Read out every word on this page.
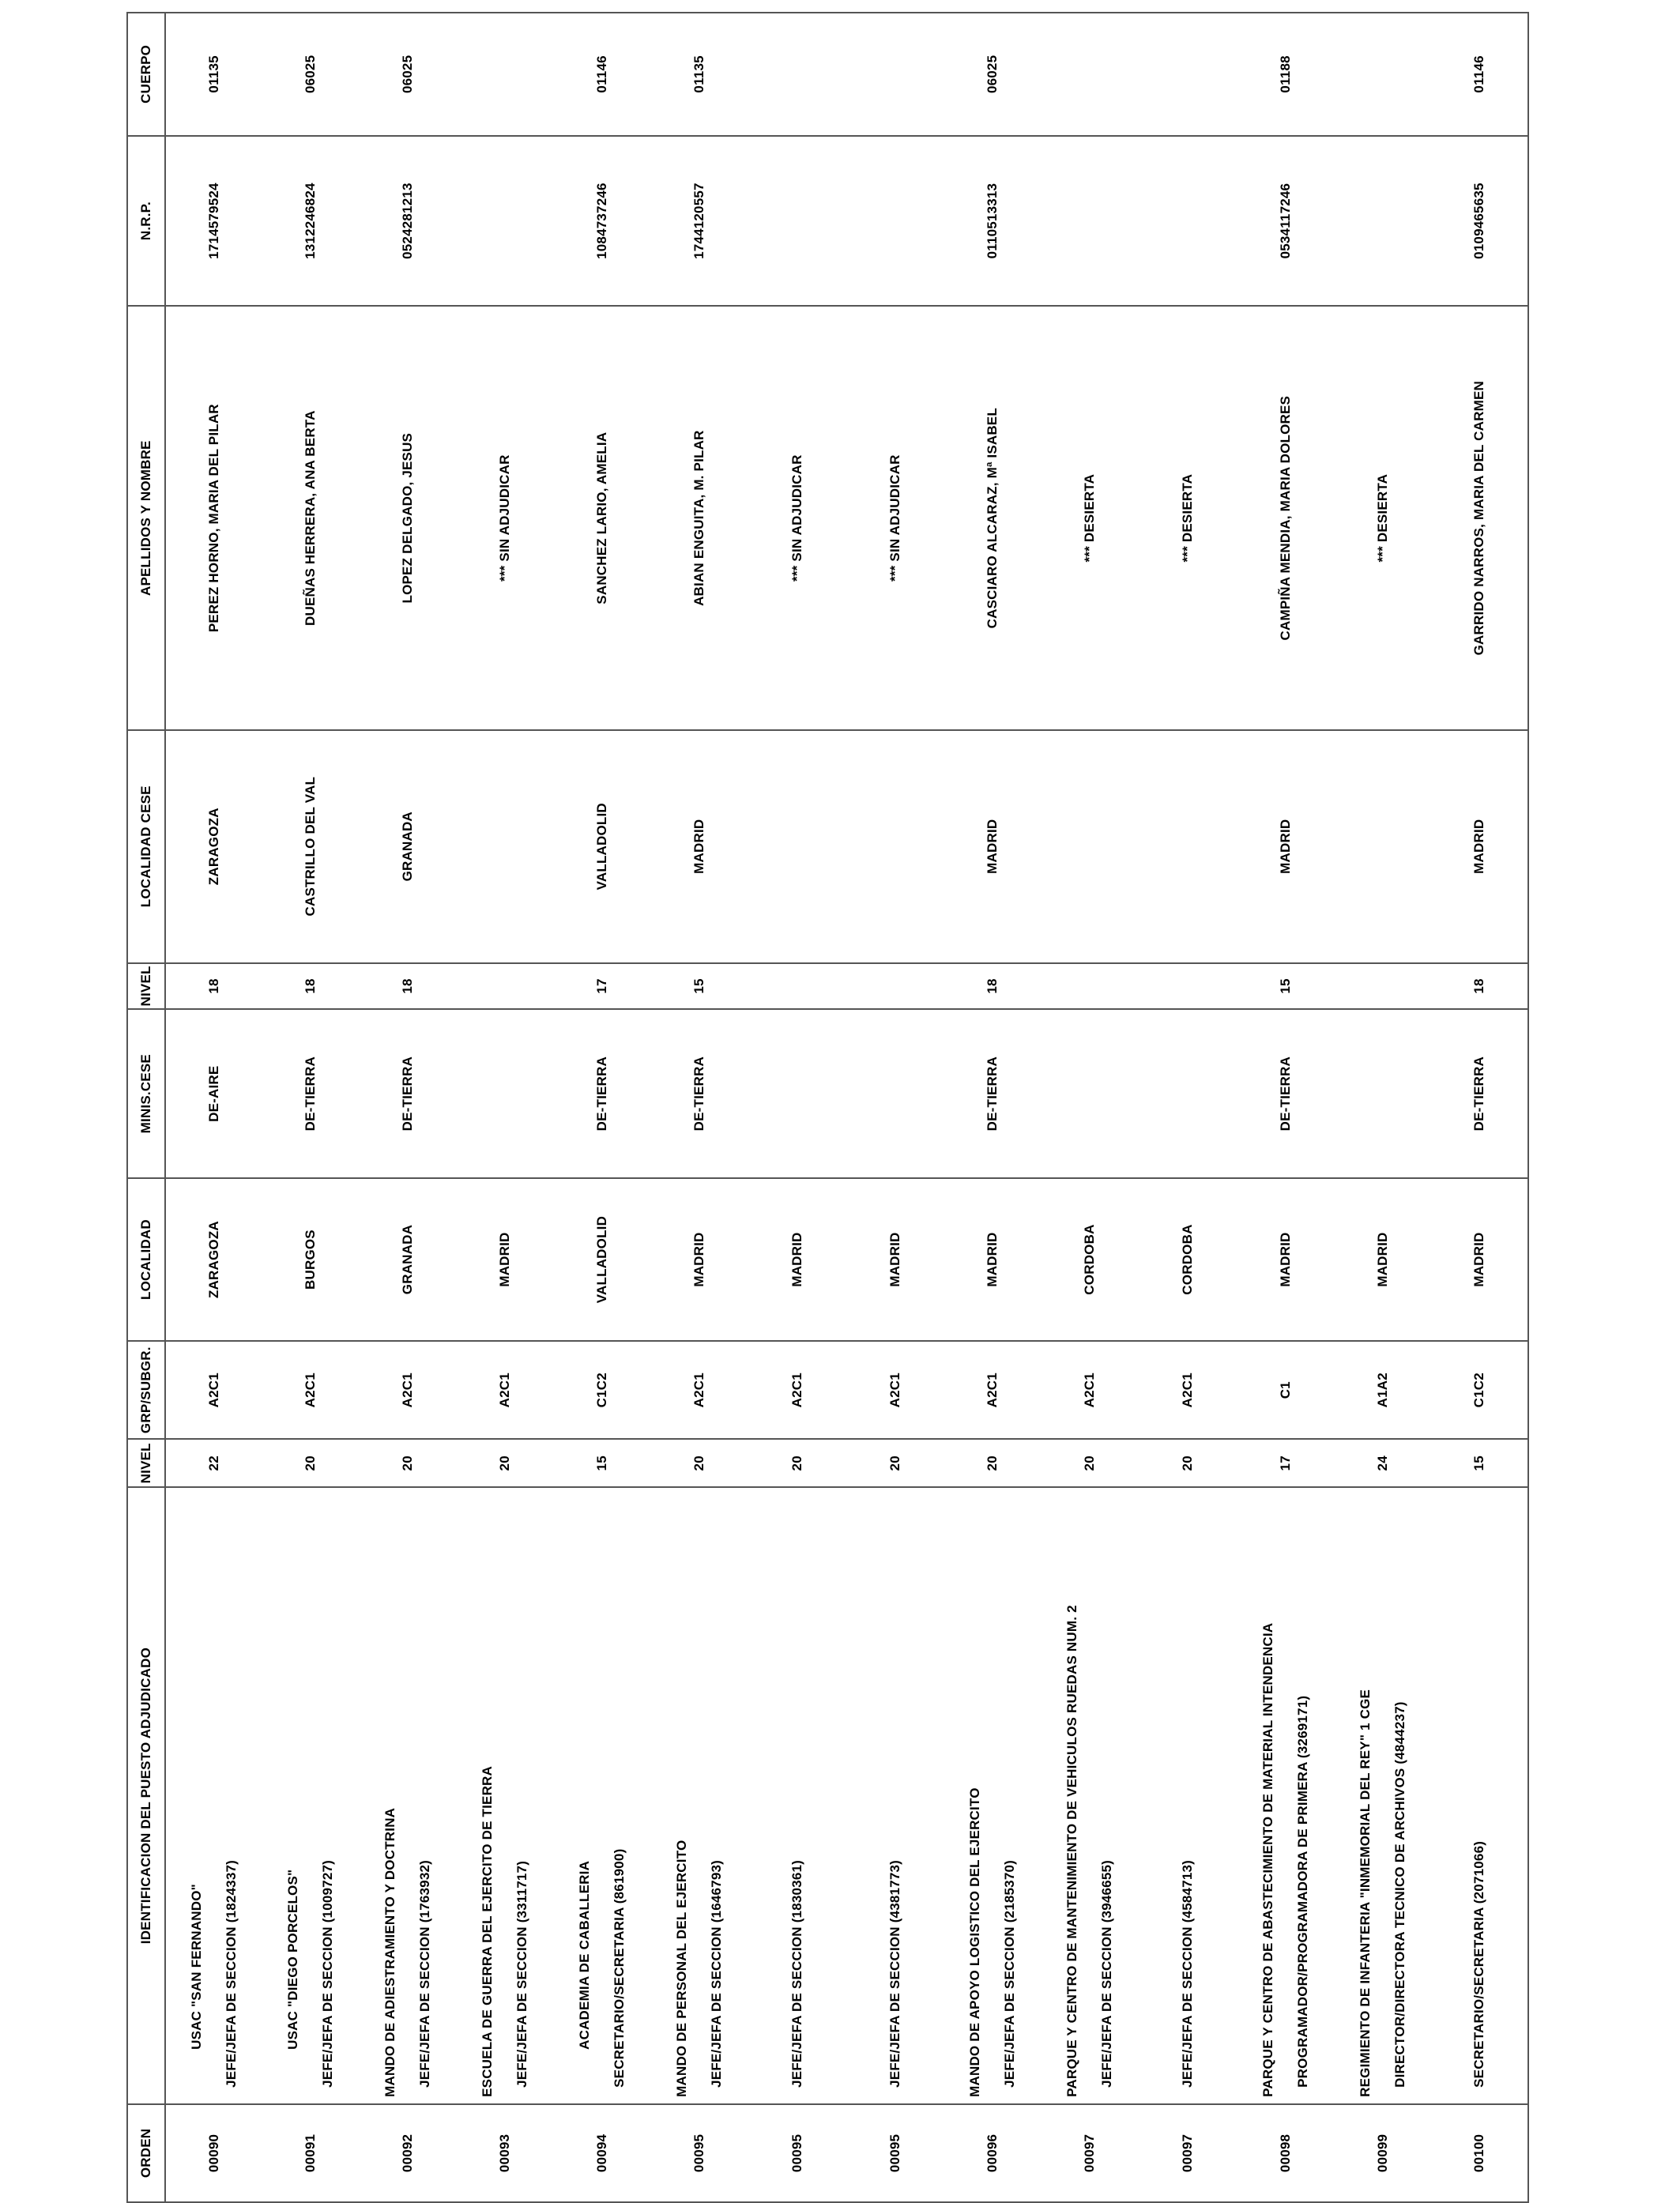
ORDEN	IDENTIFICACION DEL PUESTO ADJUDICADO	NIVEL	GRP/SUBGR.	LOCALIDAD	MINIS.CESE	NIVEL	LOCALIDAD CESE	APELLIDOS Y NOMBRE	N.R.P.	CUERPO
00090	USAC "SAN FERNANDO" JEFE/JEFA DE SECCION (1824337)	22	A2C1	ZARAGOZA	DE-AIRE	18	ZARAGOZA	PEREZ HORNO, MARIA DEL PILAR	1714579524	01135
00091	USAC "DIEGO PORCELOS" JEFE/JEFA DE SECCION (1009727)	20	A2C1	BURGOS	DE-TIERRA	18	CASTRILLO DEL VAL	DUEÑAS HERRERA, ANA BERTA	1312246824	06025
00092	MANDO DE ADIESTRAMIENTO Y DOCTRINA JEFE/JEFA DE SECCION (1763932)	20	A2C1	GRANADA	DE-TIERRA	18	GRANADA	LOPEZ DELGADO, JESUS	0524281213	06025
00093	ESCUELA DE GUERRA DEL EJERCITO DE TIERRA JEFE/JEFA DE SECCION (3311717)	20	A2C1	MADRID				*** SIN ADJUDICAR		
00094	ACADEMIA DE CABALLERIA SECRETARIO/SECRETARIA (861900)	15	C1C2	VALLADOLID	DE-TIERRA	17	VALLADOLID	SANCHEZ LARIO, AMELIA	1084737246	01146
00095	MANDO DE PERSONAL DEL EJERCITO JEFE/JEFA DE SECCION (1646793)	20	A2C1	MADRID	DE-TIERRA	15	MADRID	ABIAN ENGUITA, M. PILAR	1744120557	01135
00095	JEFE/JEFA DE SECCION (1830361)	20	A2C1	MADRID				*** SIN ADJUDICAR		
00095	JEFE/JEFA DE SECCION (4381773)	20	A2C1	MADRID				*** SIN ADJUDICAR		
00096	MANDO DE APOYO LOGISTICO DEL EJERCITO JEFE/JEFA DE SECCION (2185370)	20	A2C1	MADRID	DE-TIERRA	18	MADRID	CASCIARO ALCARAZ, Mª ISABEL	0110513313	06025
00097	PARQUE Y CENTRO DE MANTENIMIENTO DE VEHICULOS RUEDAS NUM. 2 JEFE/JEFA DE SECCION (3946655)	20	A2C1	CORDOBA				*** DESIERTA		
00097	JEFE/JEFA DE SECCION (4584713)	20	A2C1	CORDOBA				*** DESIERTA		
00098	PARQUE Y CENTRO DE ABASTECIMIENTO DE MATERIAL INTENDENCIA PROGRAMADOR/PROGRAMADORA DE PRIMERA (3269171)	17	C1	MADRID	DE-TIERRA	15	MADRID	CAMPIÑA MENDIA, MARIA DOLORES	0534117246	01188
00099	REGIMIENTO DE INFANTERIA "INMEMORIAL DEL REY" 1 CGE DIRECTOR/DIRECTORA TECNICO DE ARCHIVOS (4844237)	24	A1A2	MADRID				*** DESIERTA		
00100	SECRETARIO/SECRETARIA (2071066)	15	C1C2	MADRID	DE-TIERRA	18	MADRID	GARRIDO NARROS, MARIA DEL CARMEN	0109465635	01146
